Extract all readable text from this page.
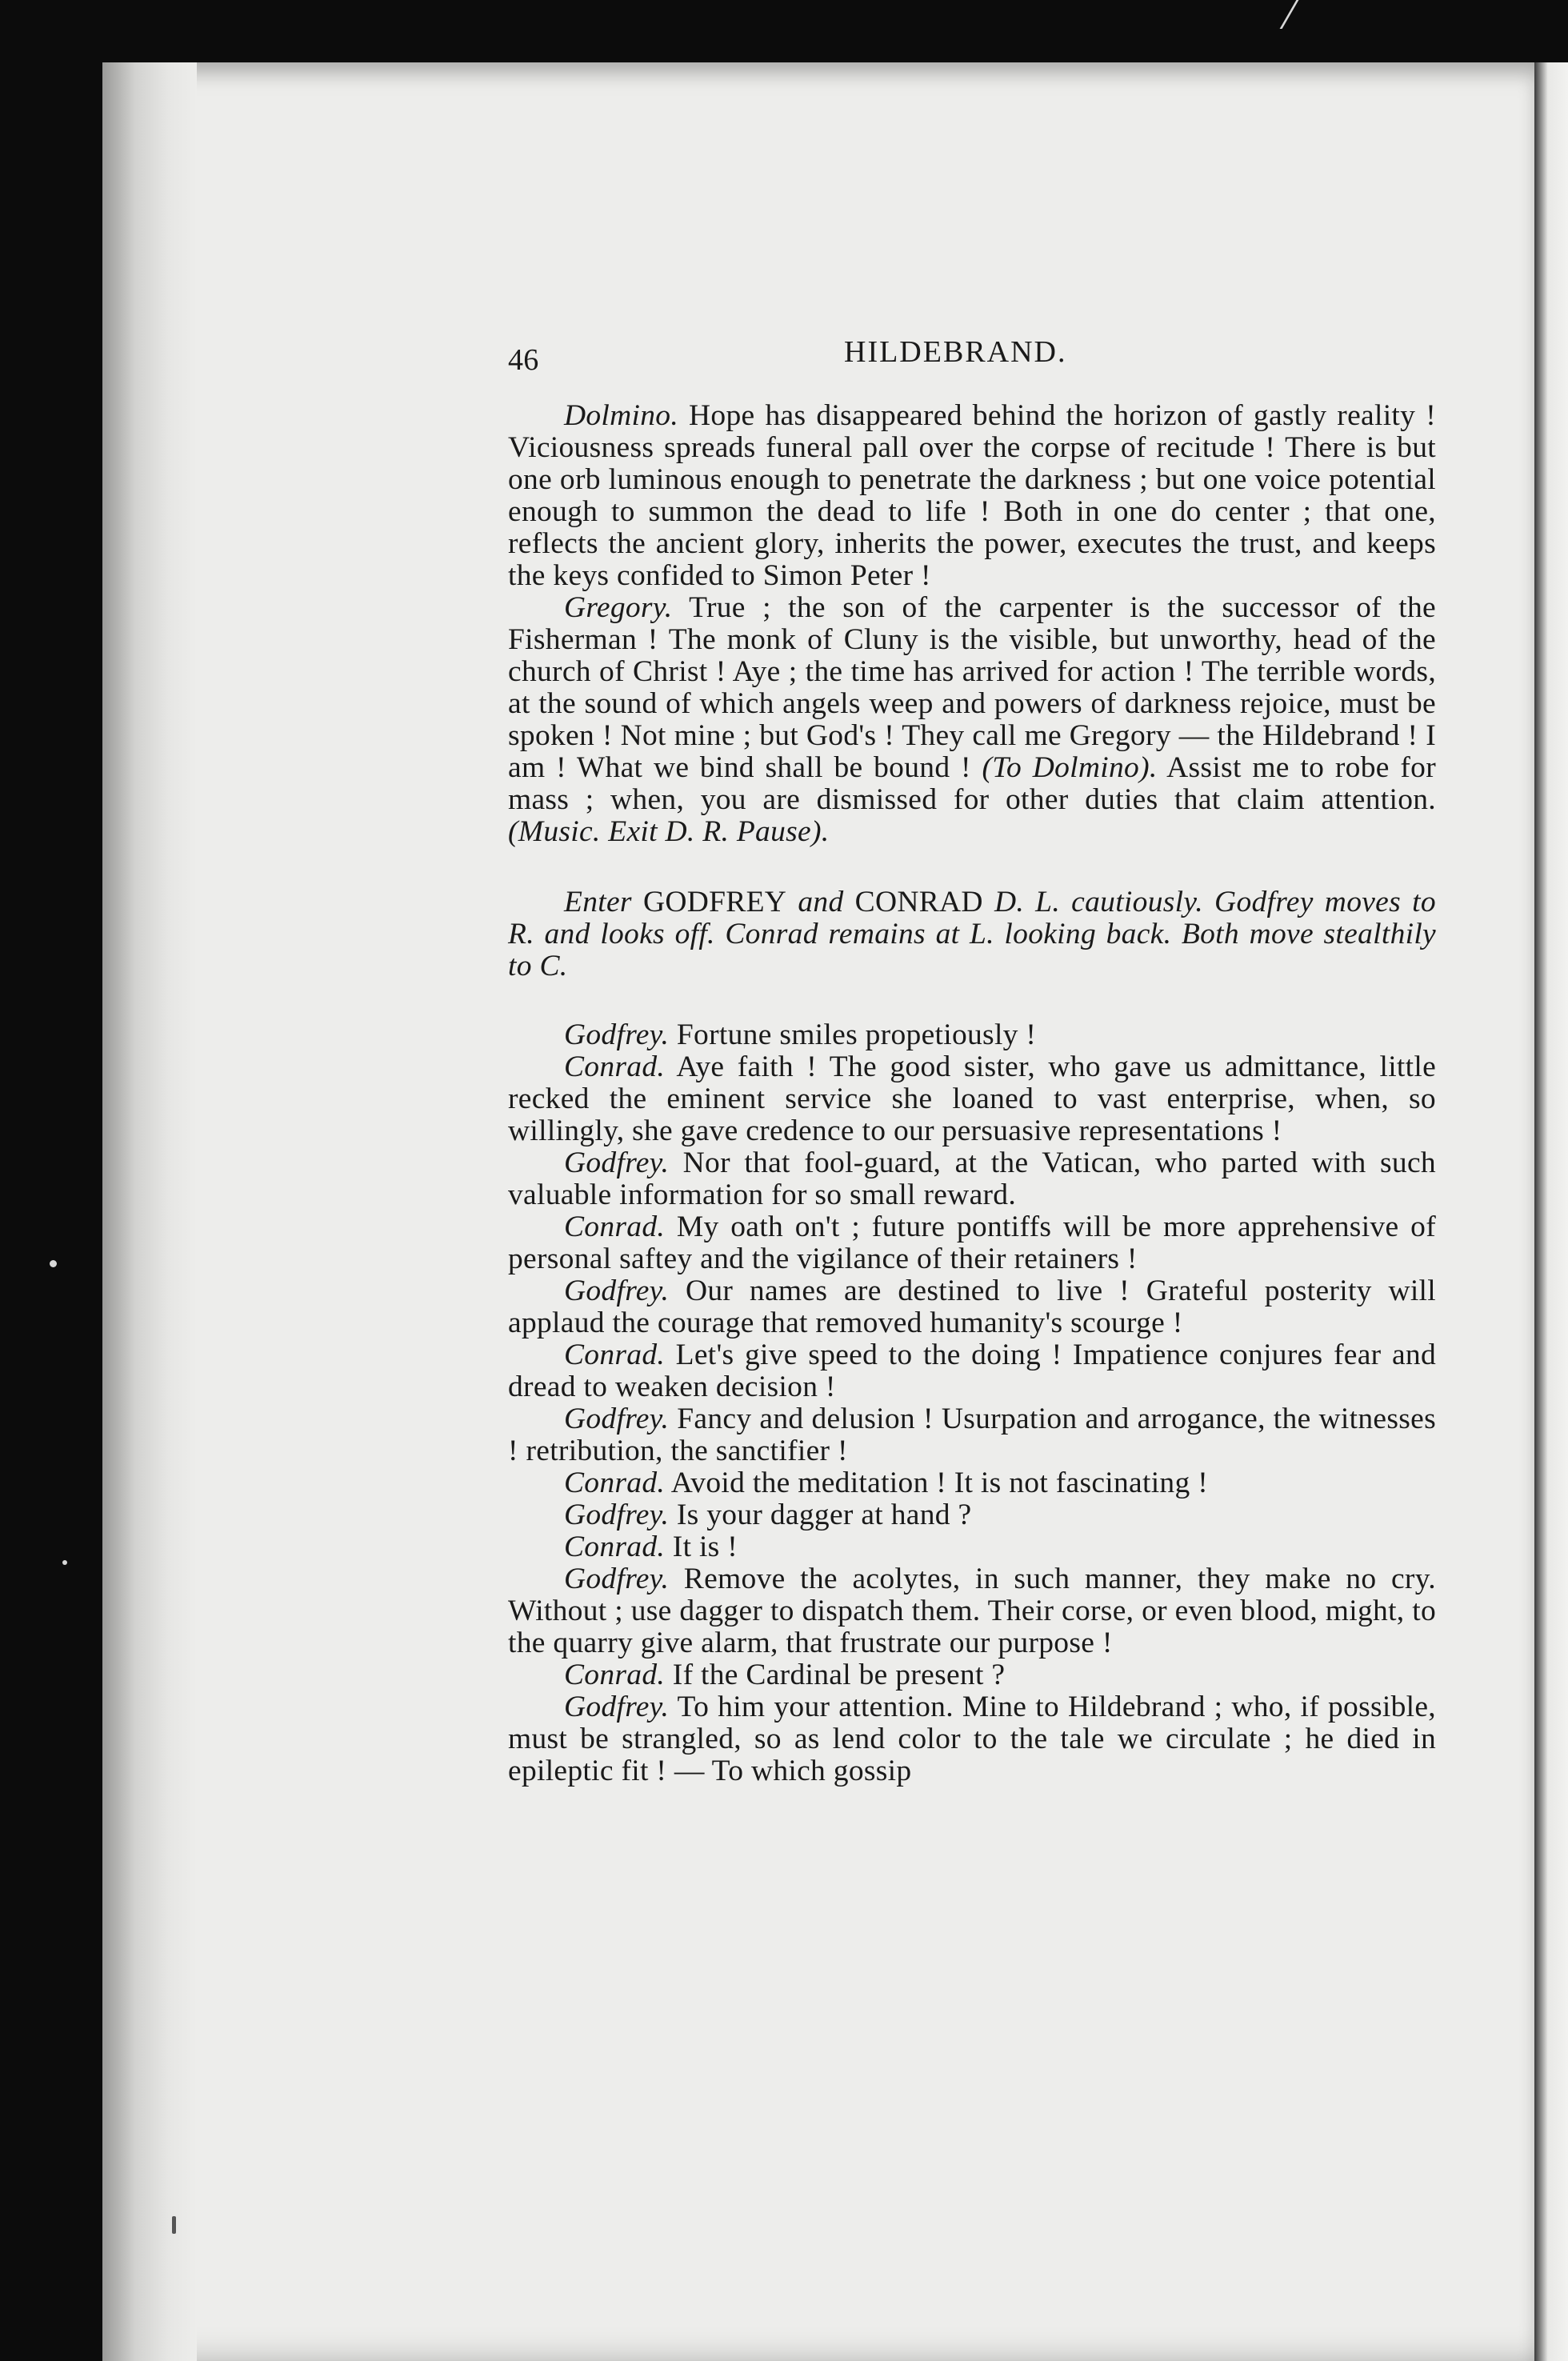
46	HILDEBRAND.

Dolmino. Hope has disappeared behind the horizon of gastly reality ! Viciousness spreads funeral pall over the corpse of recitude ! There is but one orb luminous enough to penetrate the darkness ; but one voice potential enough to summon the dead to life ! Both in one do center ; that one, reflects the ancient glory, inherits the power, executes the trust, and keeps the keys confided to Simon Peter !

Gregory. True ; the son of the carpenter is the successor of the Fisherman ! The monk of Cluny is the visible, but unworthy, head of the church of Christ ! Aye ; the time has arrived for action ! The terrible words, at the sound of which angels weep and powers of darkness rejoice, must be spoken ! Not mine ; but God's ! They call me Gregory — the Hildebrand ! I am ! What we bind shall be bound ! (To Dolmino). Assist me to robe for mass ; when, you are dismissed for other duties that claim attention. (Music. Exit D. R. Pause).

Enter GODFREY and CONRAD D. L. cautiously. Godfrey moves to R. and looks off. Conrad remains at L. looking back. Both move stealthily to C.

Godfrey. Fortune smiles propetiously !

Conrad. Aye faith ! The good sister, who gave us admittance, little recked the eminent service she loaned to vast enterprise, when, so willingly, she gave credence to our persuasive representations !

Godfrey. Nor that fool-guard, at the Vatican, who parted with such valuable information for so small reward.

Conrad. My oath on't ; future pontiffs will be more apprehensive of personal saftey and the vigilance of their retainers !

Godfrey. Our names are destined to live ! Grateful posterity will applaud the courage that removed humanity's scourge !

Conrad. Let's give speed to the doing ! Impatience conjures fear and dread to weaken decision !

Godfrey. Fancy and delusion ! Usurpation and arrogance, the witnesses ! retribution, the sanctifier !

Conrad. Avoid the meditation ! It is not fascinating !

Godfrey. Is your dagger at hand ?

Conrad. It is !

Godfrey. Remove the acolytes, in such manner, they make no cry. Without ; use dagger to dispatch them. Their corse, or even blood, might, to the quarry give alarm, that frustrate our purpose !

Conrad. If the Cardinal be present ?

Godfrey. To him your attention. Mine to Hildebrand ; who, if possible, must be strangled, so as lend color to the tale we circulate ; he died in epileptic fit ! — To which gossip
